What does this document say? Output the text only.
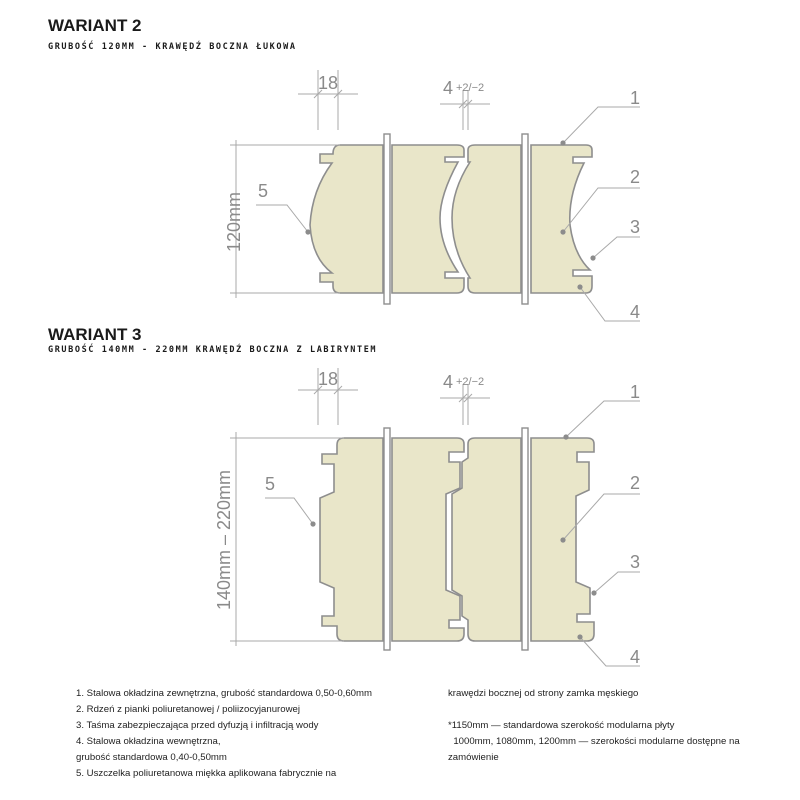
WARIANT 2
GRUBOŚĆ 120MM - KRAWĘDŹ BOCZNA ŁUKOWA
WARIANT 3
GRUBOŚĆ 140MM - 220MM KRAWĘDŹ BOCZNA Z LABIRYNTEM
18	4 +2/−2
120mm
1
2
3
4
5
18	4 +2/−2
140mm – 220mm
1
2
3
4
5
1. Stalowa okładzina zewnętrzna, grubość standardowa 0,50-0,60mm
2. Rdzeń z pianki poliuretanowej / poliizocyjanurowej
3. Taśma zabezpieczająca przed dyfuzją i infiltracją wody
4. Stalowa okładzina wewnętrzna,
grubość standardowa 0,40-0,50mm
5. Uszczelka poliuretanowa miękka aplikowana fabrycznie na
krawędzi bocznej od strony zamka męskiego
*1150mm — standardowa szerokość modularna płyty
1000mm, 1080mm, 1200mm — szerokości modularne dostępne na
zamówienie
